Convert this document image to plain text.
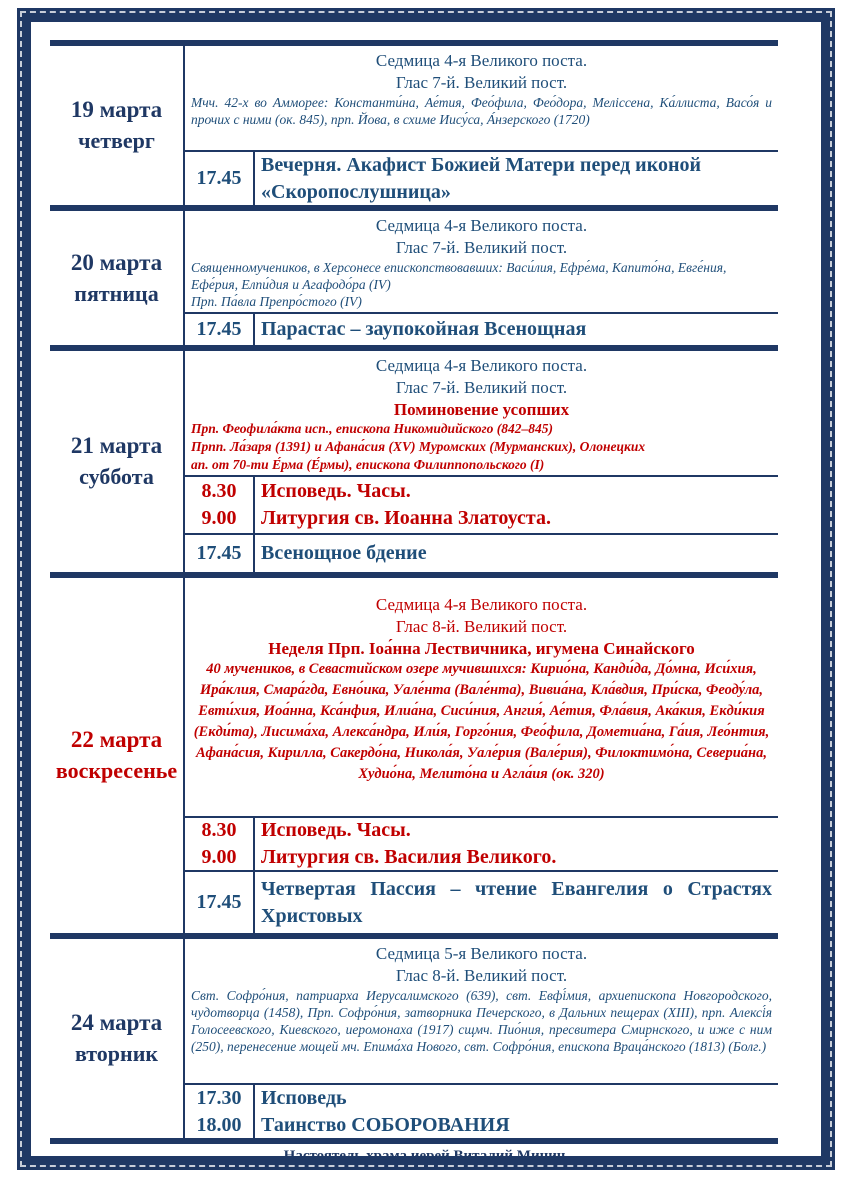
19 марта
четверг
Седмица 4-я Великого поста.
Глас 7-й. Великий пост.
Мчч. 42-х во Амморее: Константи́на, Ае́тия, Фео́фила, Фео́дора, Меліссена, Ка́ллиста, Васо́я и прочих с ними (ок. 845), прп. Йова, в схиме Иису́са, А́нзерского (1720)
17.45
Вечерня. Акафист Божией Матери перед иконой «Скоропослушница»
20 марта
пятница
Седмица 4-я Великого поста.
Глас 7-й. Великий пост.
Священномучеников, в Херсонесе епископствовавших: Васи́лия, Ефре́ма, Капито́на, Евге́ния, Ефе́рия, Елпи́дия и Агафодо́ра (IV)
Прп. Па́вла Препро́стого (IV)
17.45 Парастас – заупокойная Всенощная
21 марта
суббота
Седмица 4-я Великого поста.
Глас 7-й. Великий пост.
Поминовение усопших
Прп. Феофила́кта исп., епископа Никомидийского (842–845)
Прпп. Ла́заря (1391) и Афана́сия (XV) Муромских (Мурманских), Олонецких
ап. от 70-ти Е́рма (Е́рмы), епископа Филиппопольского (I)
8.30
9.00
Исповедь. Часы.
Литургия св. Иоанна Златоуста.
17.45 Всенощное бдение
22 марта
воскресенье
Седмица 4-я Великого поста.
Глас 8-й. Великий пост.
Неделя Прп. Ioа́нна Лествичника, игумена Синайского
40 мучеников, в Севастийском озере мучившихся: Кирио́на, Канди́да, До́мна, Иси́хия, Ира́клия, Смара́гда, Евно́ика, Уале́нта (Вале́нта), Вивиа́на, Кла́вдия, При́ска, Феоду́ла, Евти́хия, Иоа́нна, Кса́нфия, Илиа́на, Сиси́ния, Ангия́, Ае́тия, Фла́вия, Ака́кия, Екди́кия (Екди́та), Лисима́ха, Алекса́ндра, Или́я, Горго́ния, Фео́фила, Дометиа́на, Га́ия, Лео́нтия, Афана́сия, Кирилла, Сакердо́на, Никола́я, Уале́рия (Вале́рия), Филоктимо́на, Севериа́на, Худио́на, Мелито́на и Агла́ия (ок. 320)
8.30
9.00
Исповедь. Часы.
Литургия св. Василия Великого.
17.45
Четвертая Пассия – чтение Евангелия о Страстях Христовых
24 марта
вторник
Седмица 5-я Великого поста.
Глас 8-й. Великий пост.
Свт. Софро́ния, патриарха Иерусалимского (639), свт. Евфі́мия, архиепископа Новгородского, чудотворца (1458), Прп. Софро́ния, затворника Печерского, в Дальних пещерах (XIII), прп. Алексі́я Голосеевского, Киевского, иеромонаха (1917) сщмч. Пио́ния, пресвитера Смирнского, и иже с ним (250), перенесение мощей мч. Епима́ха Нового, свт. Софро́ния, епископа Враца́нского (1813) (Болг.)
17.30
18.00
Исповедь
Таинство СОБОРОВАНИЯ
Настоятель храма иерей Виталий Минич
